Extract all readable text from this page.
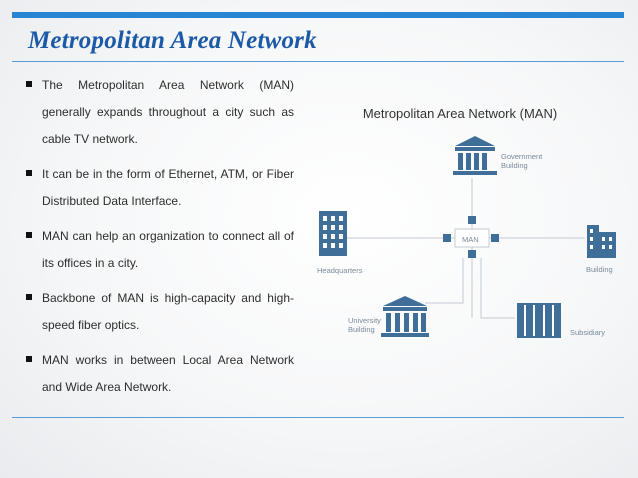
Metropolitan Area Network
The Metropolitan Area Network (MAN) generally expands throughout a city such as cable TV network.
It can be in the form of Ethernet, ATM, or Fiber Distributed Data Interface.
MAN can help an organization to connect all of its offices in a city.
Backbone of MAN is high-capacity and high-speed fiber optics.
MAN works in between Local Area Network and Wide Area Network.
Metropolitan Area Network (MAN)
MAN
Government
Building
Headquarters	Building
University
Building	Subsidiary
